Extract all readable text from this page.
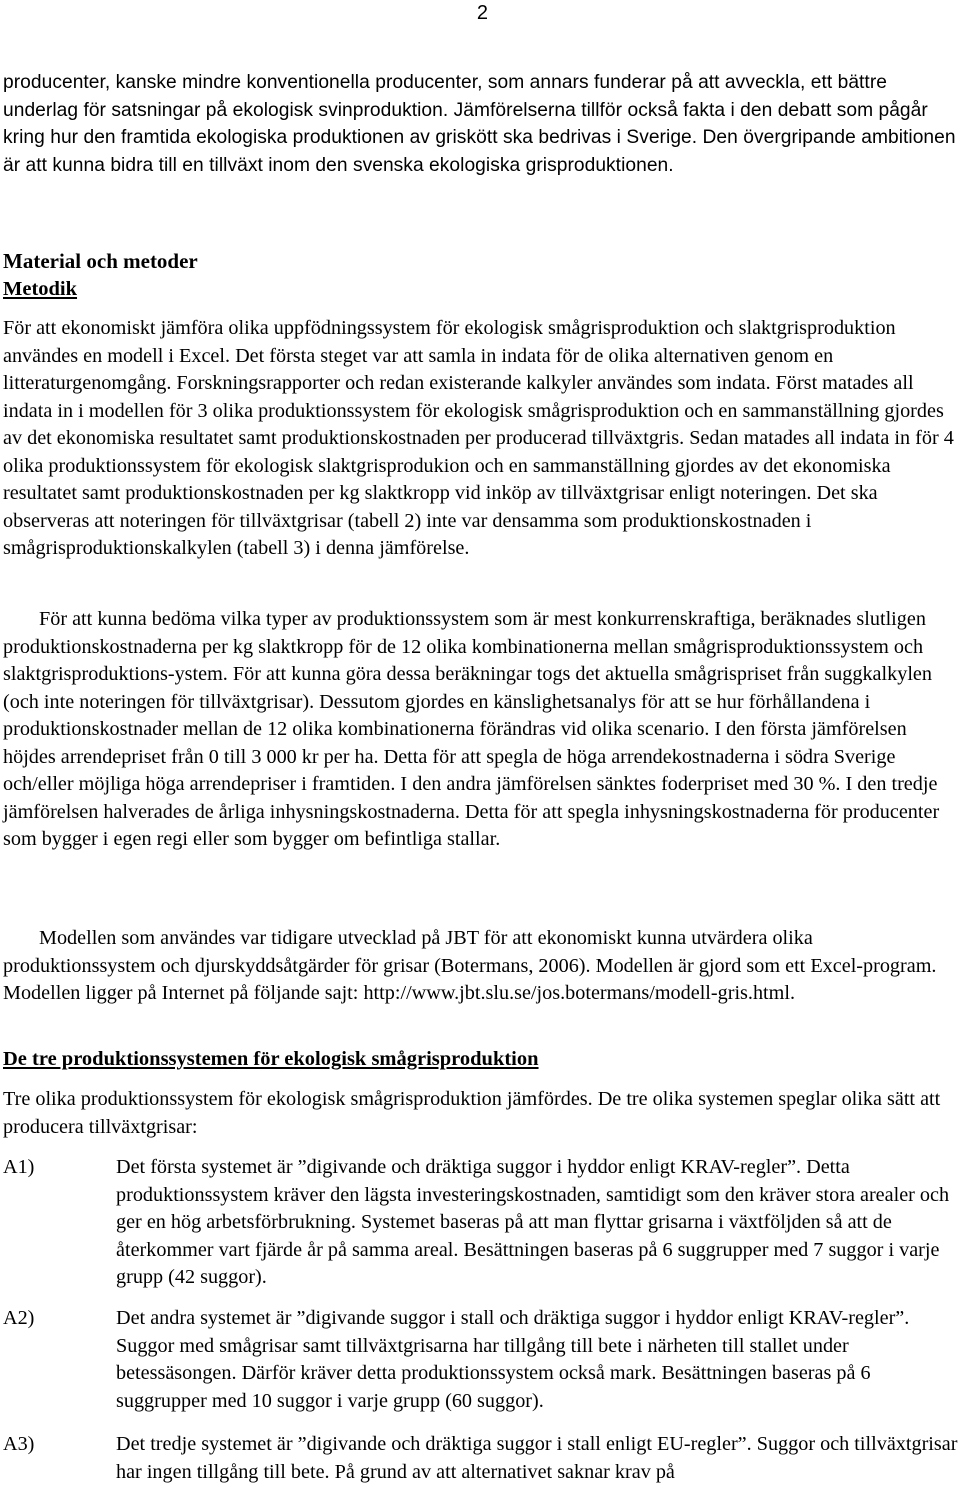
2

producenter, kanske mindre konventionella producenter, som annars funderar på att avveckla, ett bättre underlag för satsningar på ekologisk svinproduktion. Jämförelserna tillför också fakta i den debatt som pågår kring hur den framtida ekologiska produktionen av griskött ska bedrivas i Sverige. Den övergripande ambitionen är att kunna bidra till en tillväxt inom den svenska ekologiska grisproduktionen.

Material och metoder
Metodik

För att ekonomiskt jämföra olika uppfödningssystem för ekologisk smågrisproduktion och slaktgrisproduktion användes en modell i Excel. Det första steget var att samla in indata för de olika alternativen genom en litteraturgenomgång. Forskningsrapporter och redan existerande kalkyler användes som indata. Först matades all indata in i modellen för 3 olika produktionssystem för ekologisk smågrisproduktion och en sammanställning gjordes av det ekonomiska resultatet samt produktionskostnaden per producerad tillväxtgris. Sedan matades all indata in för 4 olika produktionssystem för ekologisk slaktgrisprodukion och en sammanställning gjordes av det ekonomiska resultatet samt produktionskostnaden per kg slaktkropp vid inköp av tillväxtgrisar enligt noteringen. Det ska observeras att noteringen för tillväxtgrisar (tabell 2) inte var densamma som produktionskostnaden i smågrisproduktionskalkylen (tabell 3) i denna jämförelse.

För att kunna bedöma vilka typer av produktionssystem som är mest konkurrenskraftiga, beräknades slutligen produktionskostnaderna per kg slaktkropp för de 12 olika kombinationerna mellan smågrisproduktionssystem och slaktgrisproduktions-ystem. För att kunna göra dessa beräkningar togs det aktuella smågrispriset från suggkalkylen (och inte noteringen för tillväxtgrisar). Dessutom gjordes en känslighetsanalys för att se hur förhållandena i produktionskostnader mellan de 12 olika kombinationerna förändras vid olika scenario. I den första jämförelsen höjdes arrendepriset från 0 till 3 000 kr per ha. Detta för att spegla de höga arrendekostnaderna i södra Sverige och/eller möjliga höga arrendepriser i framtiden. I den andra jämförelsen sänktes foderpriset med 30 %. I den tredje jämförelsen halverades de årliga inhysningskostnaderna. Detta för att spegla inhysningskostnaderna för producenter som bygger i egen regi eller som bygger om befintliga stallar.

Modellen som användes var tidigare utvecklad på JBT för att ekonomiskt kunna utvärdera olika produktionssystem och djurskyddsåtgärder för grisar (Botermans, 2006). Modellen är gjord som ett Excel-program. Modellen ligger på Internet på följande sajt: http://www.jbt.slu.se/jos.botermans/modell-gris.html.

De tre produktionssystemen för ekologisk smågrisproduktion

Tre olika produktionssystem för ekologisk smågrisproduktion jämfördes. De tre olika systemen speglar olika sätt att producera tillväxtgrisar:

A1)	Det första systemet är ”digivande och dräktiga suggor i hyddor enligt KRAV-regler”. Detta produktionssystem kräver den lägsta investeringskostnaden, samtidigt som den kräver stora arealer och ger en hög arbetsförbrukning. Systemet baseras på att man flyttar grisarna i växtföljden så att de återkommer vart fjärde år på samma areal. Besättningen baseras på 6 suggrupper med 7 suggor i varje grupp (42 suggor).
A2)	Det andra systemet är ”digivande suggor i stall och dräktiga suggor i hyddor enligt KRAV-regler”. Suggor med smågrisar samt tillväxtgrisarna har tillgång till bete i närheten till stallet under betessäsongen. Därför kräver detta produktionssystem också mark. Besättningen baseras på 6 suggrupper med 10 suggor i varje grupp (60 suggor).
A3)	Det tredje systemet är ”digivande och dräktiga suggor i stall enligt EU-regler”. Suggor och tillväxtgrisar har ingen tillgång till bete. På grund av att alternativet saknar krav på
